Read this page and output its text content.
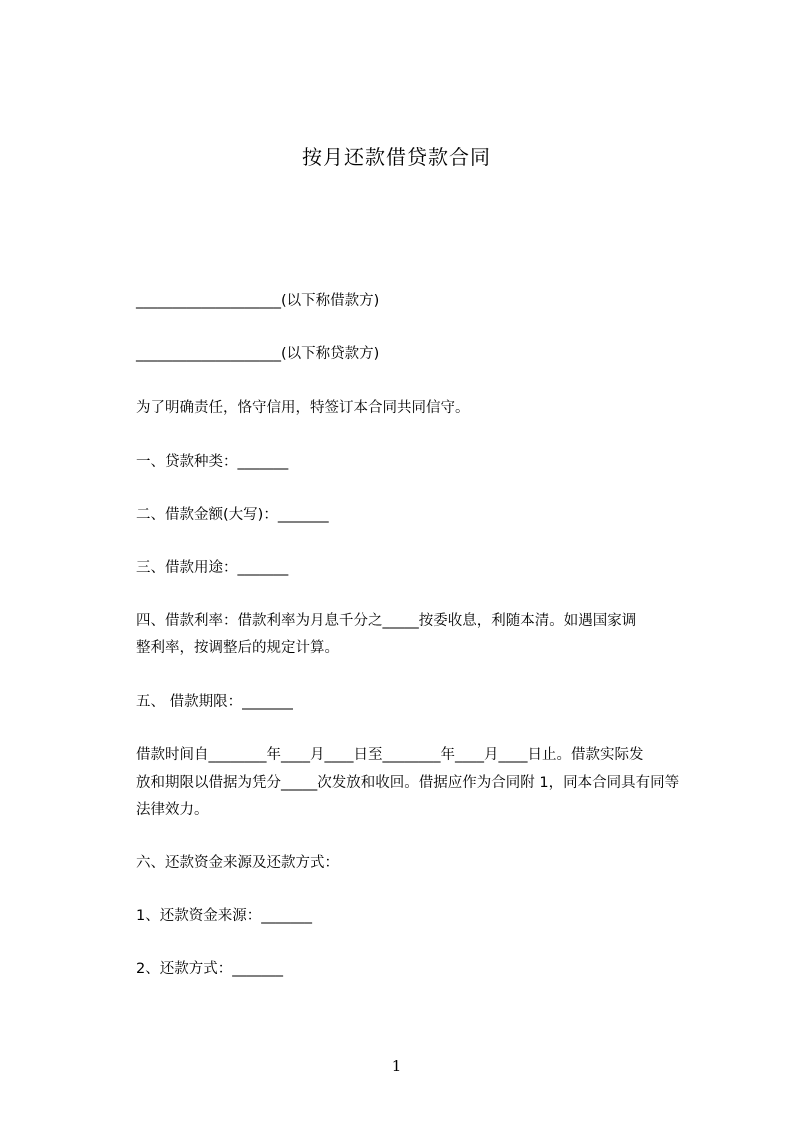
按月还款借贷款合同
____________________(以下称借款方)
____________________(以下称贷款方)
为了明确责任，恪守信用，特签订本合同共同信守。
一、贷款种类：_______
二、借款金额(大写)：_______
三、借款用途：_______
四、借款利率：借款利率为月息千分之_____按委收息，利随本清。如遇国家调
整利率，按调整后的规定计算。
五、 借款期限：_______
借款时间自________年____月____日至________年____月____日止。借款实际发
放和期限以借据为凭分_____次发放和收回。借据应作为合同附 1，同本合同具有同等
法律效力。
六、还款资金来源及还款方式：
1、还款资金来源：_______
2、还款方式：_______
1
